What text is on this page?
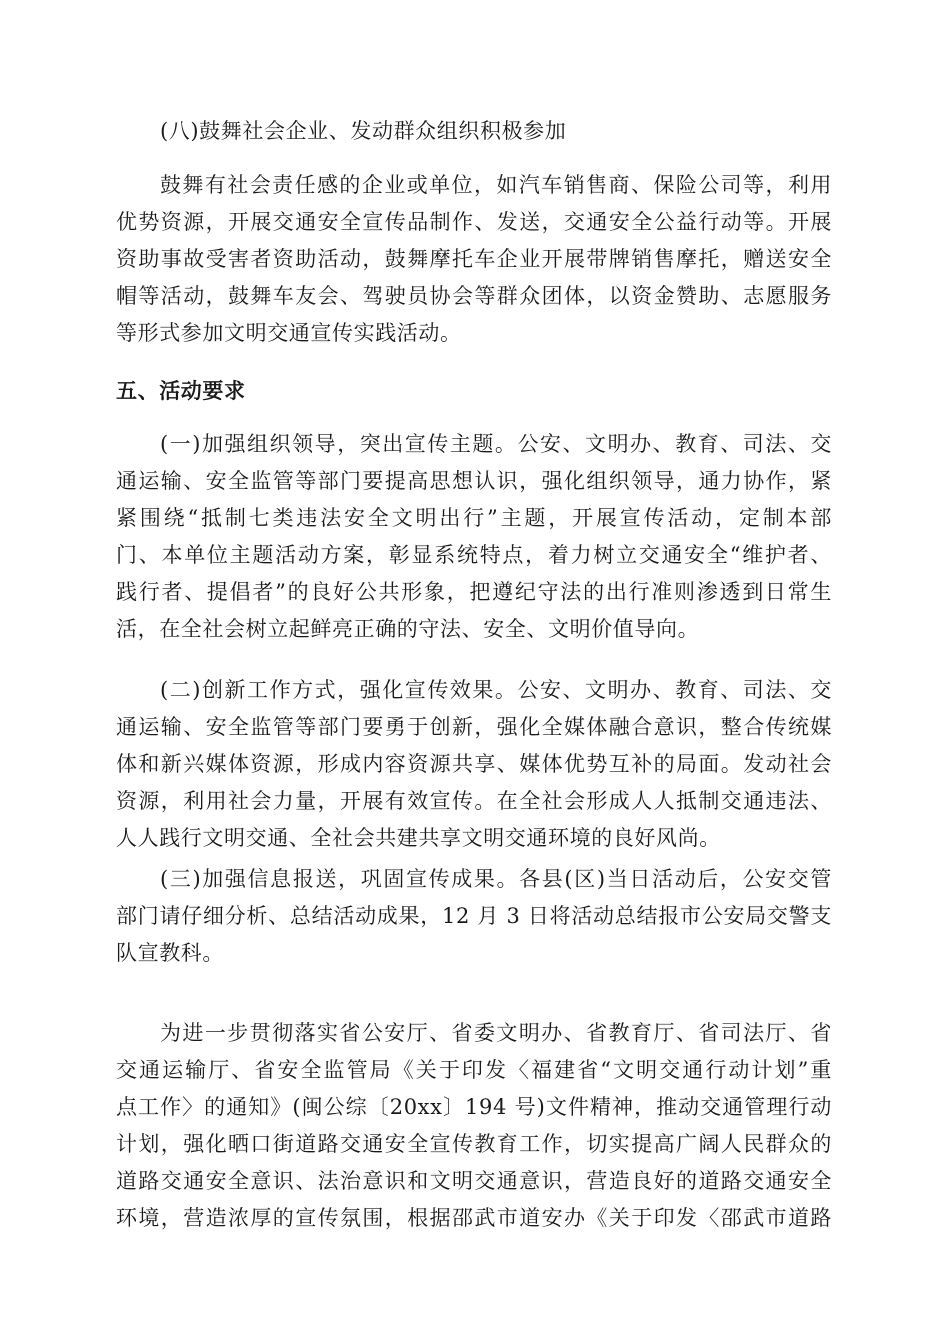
(八)鼓舞社会企业、发动群众组织积极参加

鼓舞有社会责任感的企业或单位，如汽车销售商、保险公司等，利用
优势资源，开展交通安全宣传品制作、发送，交通安全公益行动等。开展
资助事故受害者资助活动，鼓舞摩托车企业开展带牌销售摩托，赠送安全
帽等活动，鼓舞车友会、驾驶员协会等群众团体，以资金赞助、志愿服务
等形式参加文明交通宣传实践活动。

五、活动要求

(一)加强组织领导，突出宣传主题。公安、文明办、教育、司法、交
通运输、安全监管等部门要提高思想认识，强化组织领导，通力协作，紧
紧围绕“抵制七类违法安全文明出行”主题，开展宣传活动，定制本部
门、本单位主题活动方案，彰显系统特点，着力树立交通安全“维护者、
践行者、提倡者”的良好公共形象，把遵纪守法的出行准则渗透到日常生
活，在全社会树立起鲜亮正确的守法、安全、文明价值导向。

(二)创新工作方式，强化宣传效果。公安、文明办、教育、司法、交
通运输、安全监管等部门要勇于创新，强化全媒体融合意识，整合传统媒
体和新兴媒体资源，形成内容资源共享、媒体优势互补的局面。发动社会
资源，利用社会力量，开展有效宣传。在全社会形成人人抵制交通违法、
人人践行文明交通、全社会共建共享文明交通环境的良好风尚。

(三)加强信息报送，巩固宣传成果。各县(区)当日活动后，公安交管
部门请仔细分析、总结活动成果，12 月 3 日将活动总结报市公安局交警支
队宣教科。

为进一步贯彻落实省公安厅、省委文明办、省教育厅、省司法厅、省
交通运输厅、省安全监管局《关于印发〈福建省“文明交通行动计划”重
点工作〉的通知》(闽公综〔20xx〕194 号)文件精神，推动交通管理行动
计划，强化晒口街道路交通安全宣传教育工作，切实提高广阔人民群众的
道路交通安全意识、法治意识和文明交通意识，营造良好的道路交通安全
环境，营造浓厚的宣传氛围，根据邵武市道安办《关于印发〈邵武市道路
